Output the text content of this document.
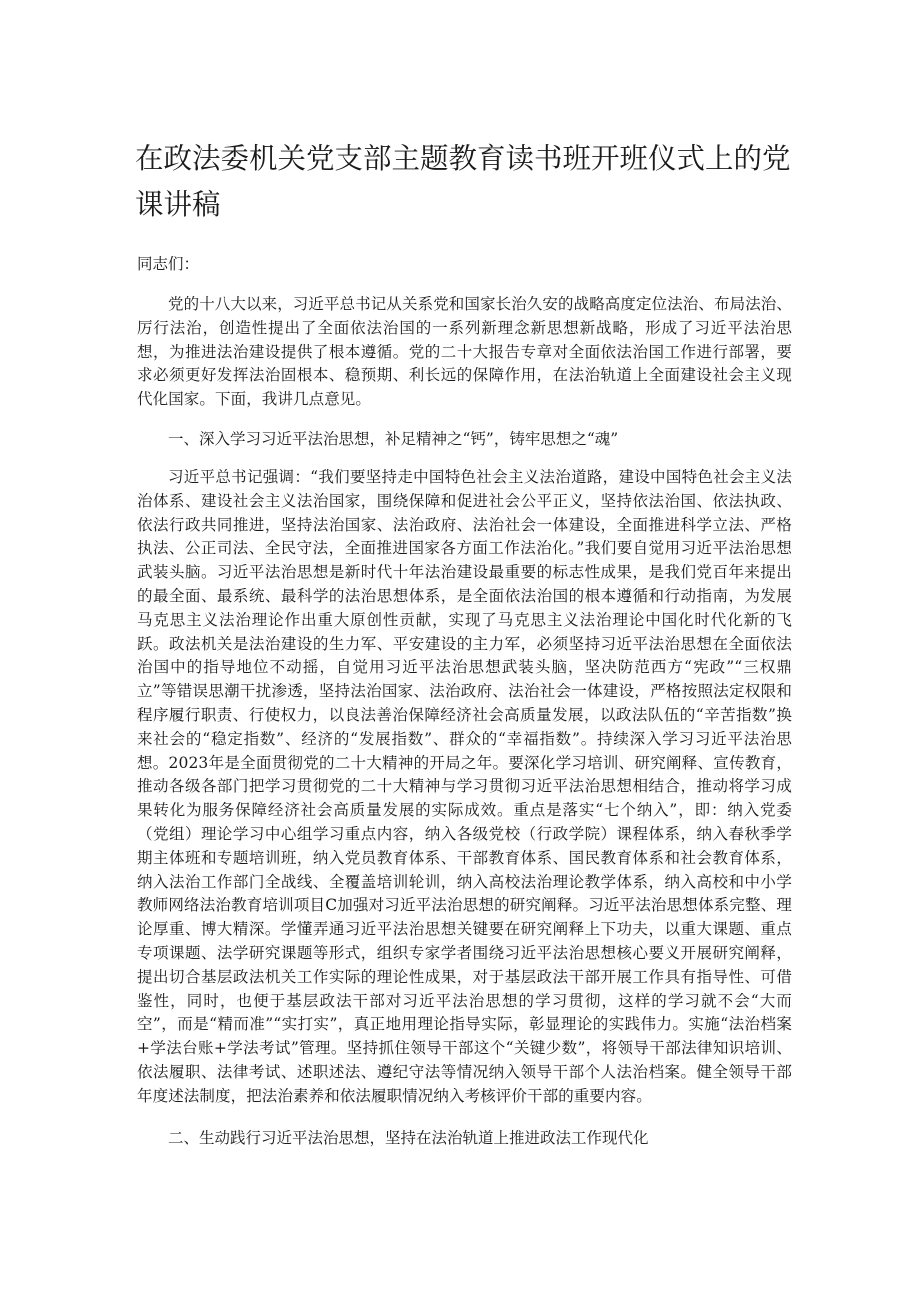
在政法委机关党支部主题教育读书班开班仪式上的党课讲稿

同志们：

党的十八大以来，习近平总书记从关系党和国家长治久安的战略高度定位法治、布局法治、厉行法治，创造性提出了全面依法治国的一系列新理念新思想新战略，形成了习近平法治思想，为推进法治建设提供了根本遵循。党的二十大报告专章对全面依法治国工作进行部署，要求必须更好发挥法治固根本、稳预期、利长远的保障作用，在法治轨道上全面建设社会主义现代化国家。下面，我讲几点意见。

一、深入学习习近平法治思想，补足精神之“钙”，铸牢思想之“魂”

习近平总书记强调：“我们要坚持走中国特色社会主义法治道路，建设中国特色社会主义法治体系、建设社会主义法治国家，围绕保障和促进社会公平正义，坚持依法治国、依法执政、依法行政共同推进，坚持法治国家、法治政府、法治社会一体建设，全面推进科学立法、严格执法、公正司法、全民守法，全面推进国家各方面工作法治化。”我们要自觉用习近平法治思想武装头脑。习近平法治思想是新时代十年法治建设最重要的标志性成果，是我们党百年来提出的最全面、最系统、最科学的法治思想体系，是全面依法治国的根本遵循和行动指南，为发展马克思主义法治理论作出重大原创性贡献，实现了马克思主义法治理论中国化时代化新的飞跃。政法机关是法治建设的生力军、平安建设的主力军，必须坚持习近平法治思想在全面依法治国中的指导地位不动摇，自觉用习近平法治思想武装头脑，坚决防范西方“宪政”“三权鼎立”等错误思潮干扰渗透，坚持法治国家、法治政府、法治社会一体建设，严格按照法定权限和程序履行职责、行使权力，以良法善治保障经济社会高质量发展，以政法队伍的“辛苦指数”换来社会的“稳定指数”、经济的“发展指数”、群众的“幸福指数”。持续深入学习习近平法治思想。2023年是全面贯彻党的二十大精神的开局之年。要深化学习培训、研究阐释、宣传教育，推动各级各部门把学习贯彻党的二十大精神与学习贯彻习近平法治思想相结合，推动将学习成果转化为服务保障经济社会高质量发展的实际成效。重点是落实“七个纳入”，即：纳入党委（党组）理论学习中心组学习重点内容，纳入各级党校（行政学院）课程体系，纳入春秋季学期主体班和专题培训班，纳入党员教育体系、干部教育体系、国民教育体系和社会教育体系，纳入法治工作部门全战线、全覆盖培训轮训，纳入高校法治理论教学体系，纳入高校和中小学教师网络法治教育培训项目C加强对习近平法治思想的研究阐释。习近平法治思想体系完整、理论厚重、博大精深。学懂弄通习近平法治思想关键要在研究阐释上下功夫，以重大课题、重点专项课题、法学研究课题等形式，组织专家学者围绕习近平法治思想核心要义开展研究阐释，提出切合基层政法机关工作实际的理论性成果，对于基层政法干部开展工作具有指导性、可借鉴性，同时，也便于基层政法干部对习近平法治思想的学习贯彻，这样的学习就不会“大而空”，而是“精而准”“实打实”，真正地用理论指导实际，彰显理论的实践伟力。实施“法治档案+学法台账+学法考试”管理。坚持抓住领导干部这个“关键少数”，将领导干部法律知识培训、依法履职、法律考试、述职述法、遵纪守法等情况纳入领导干部个人法治档案。健全领导干部年度述法制度，把法治素养和依法履职情况纳入考核评价干部的重要内容。

二、生动践行习近平法治思想，坚持在法治轨道上推进政法工作现代化
